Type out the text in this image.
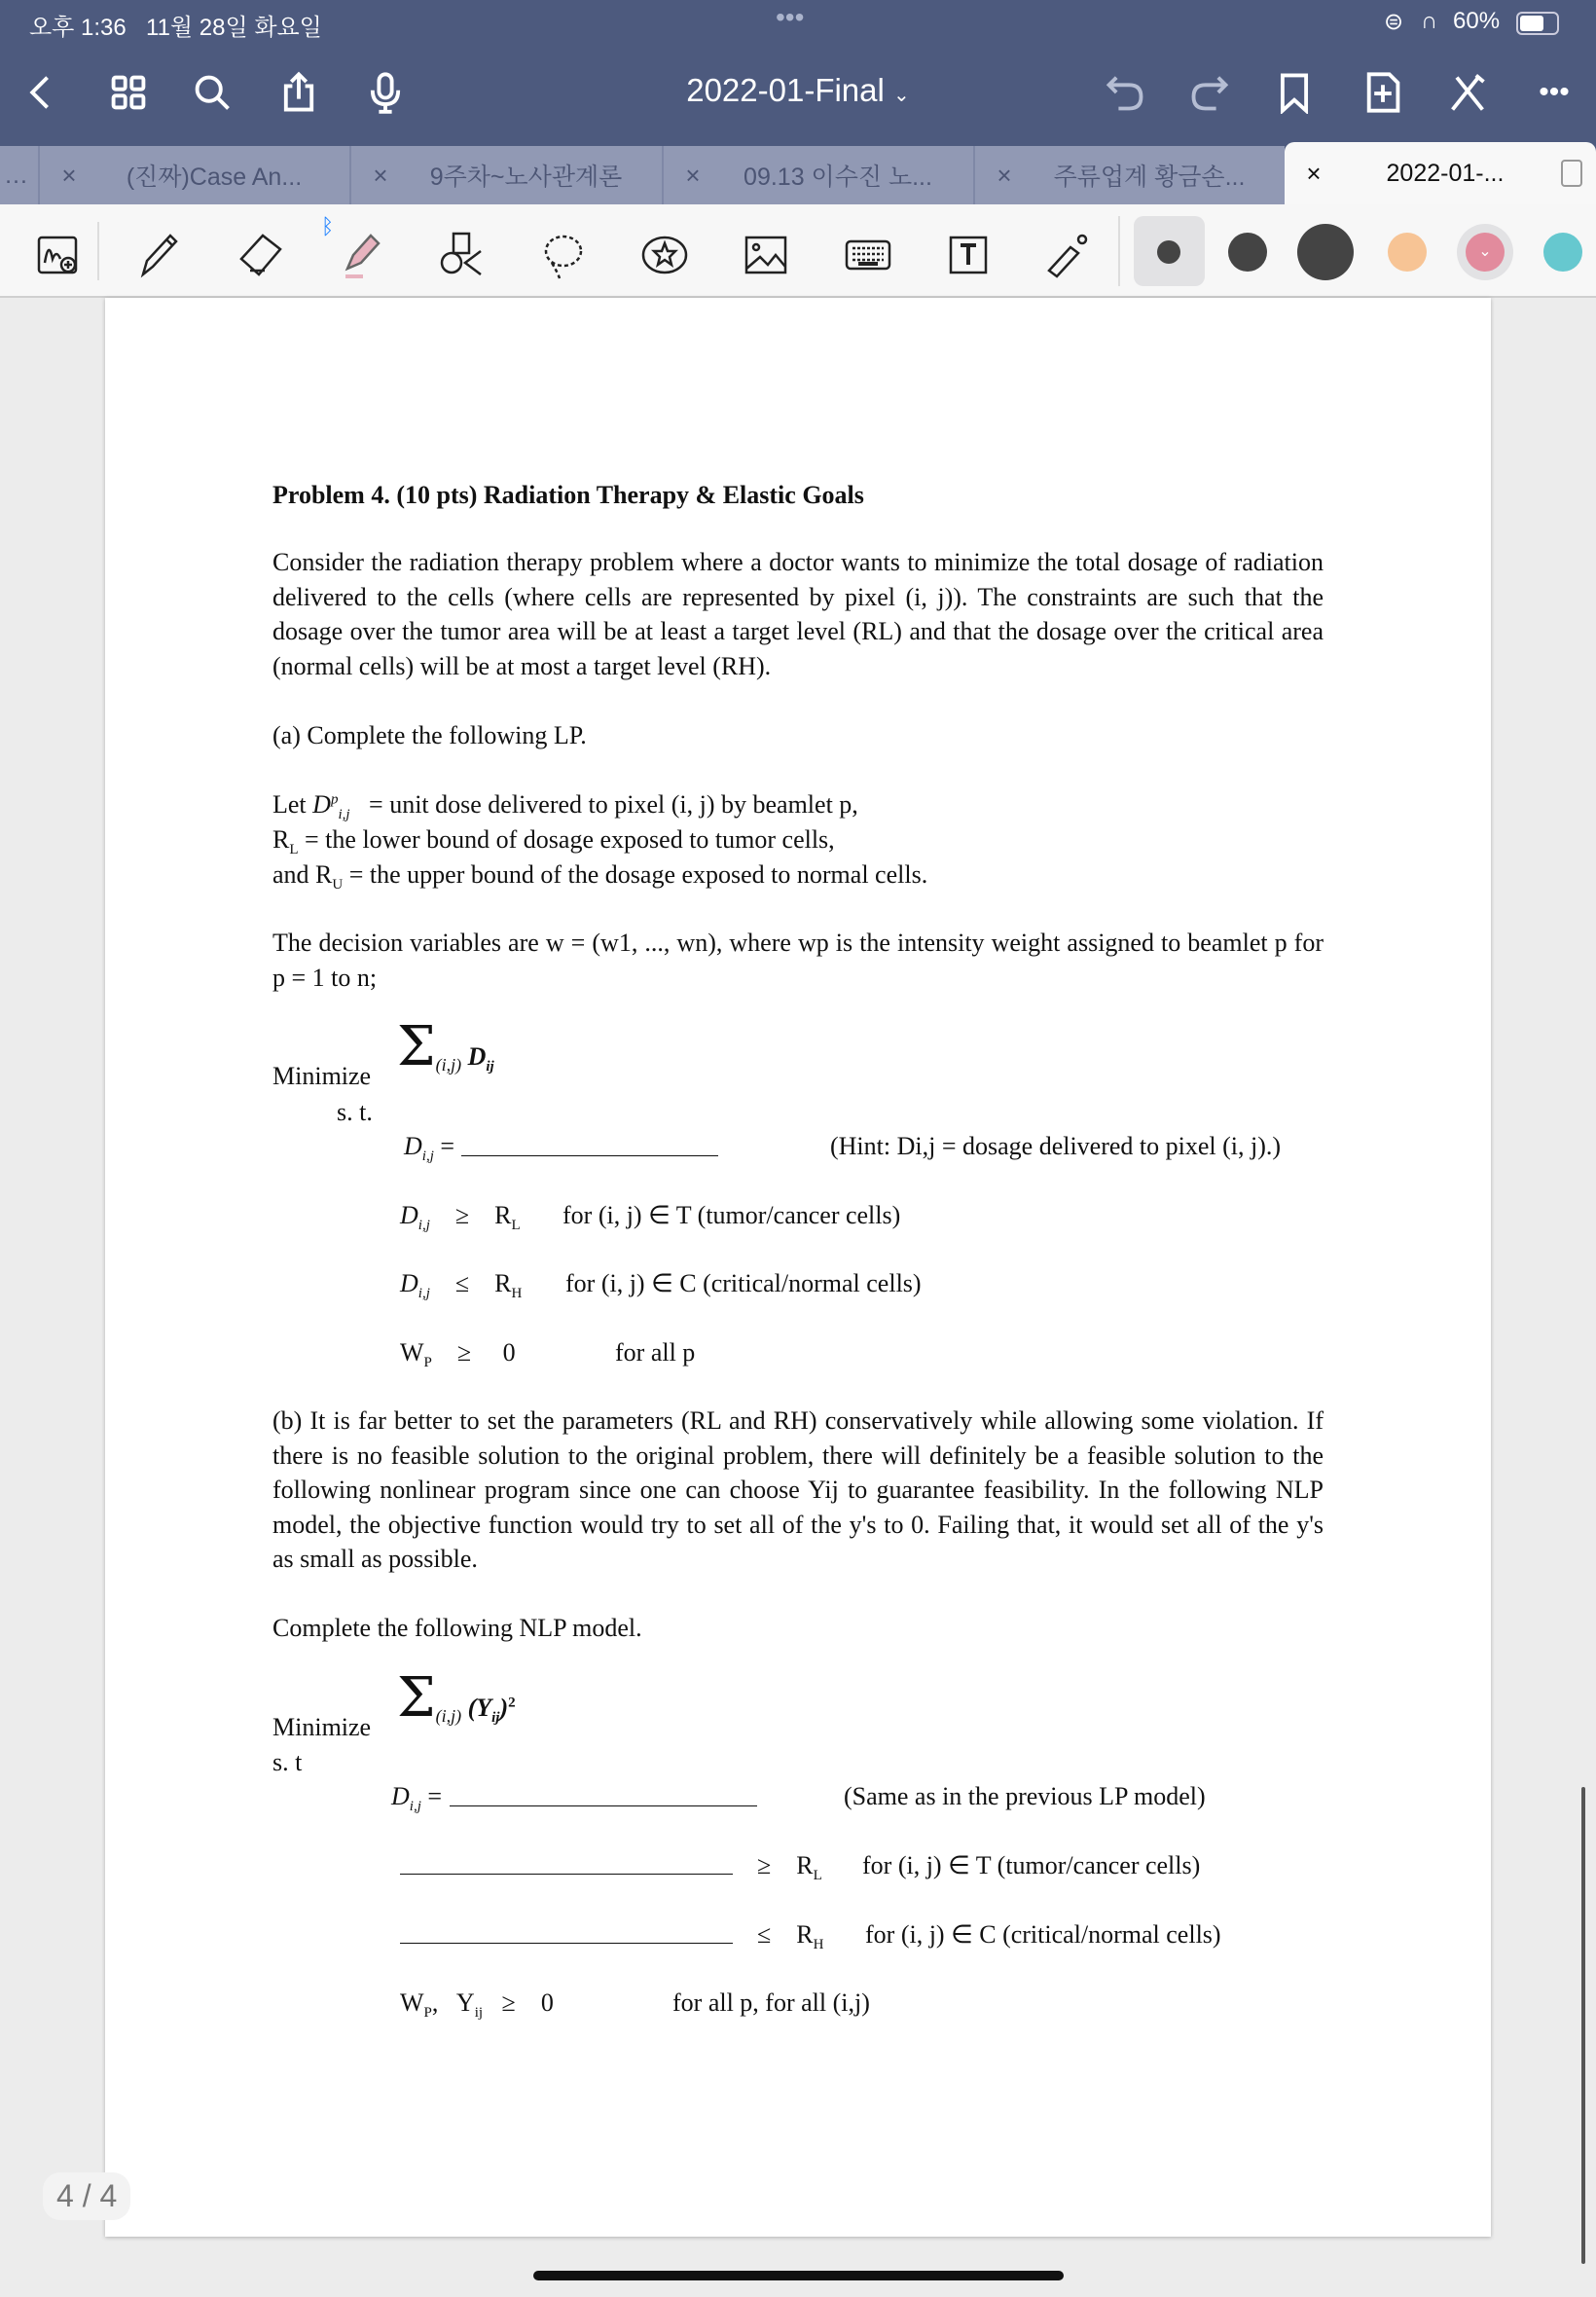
오후 1:36 11월 28일 화요일	•••	⊜ ∩ 60%
2022-01-Final ⌄	•••
…	×	(진짜)Case An...	×	9주차~노사관계론	×	09.13 이수진 노...	×	주류업계 황금손...	×	2022-01-...
ᛒ
⌄
Problem 4. (10 pts) Radiation Therapy & Elastic Goals
Consider the radiation therapy problem where a doctor wants to minimize the total dosage of radiation delivered to the cells (where cells are represented by pixel (i, j)). The constraints are such that the dosage over the tumor area will be at least a target level (RL) and that the dosage over the critical area (normal cells) will be at most a target level (RH).
(a) Complete the following LP.
Let $D^p_{i,j}$ = unit dose delivered to pixel (i, j) by beamlet p,
$R_L$ = the lower bound of dosage exposed to tumor cells,
and $R_U$ = the upper bound of the dosage exposed to normal cells.
The decision variables are w = (w1, ..., wn), where wp is the intensity weight assigned to beamlet p for p = 1 to n;
Minimize $\Sigma_{(i,j)}$ $D_{ij}$
s. t.
$D_{i,j}$ =	(Hint: Di,j = dosage delivered to pixel (i, j).)
$D_{i,j}$    ≥    $R_L$ for (i, j) ∈ T (tumor/cancer cells)
$D_{i,j}$    ≤    $R_H$ for (i, j) ∈ C (critical/normal cells)
$W_P$    ≥     0	for all p
(b) It is far better to set the parameters (RL and RH) conservatively while allowing some violation. If there is no feasible solution to the original problem, there will definitely be a feasible solution to the following nonlinear program since one can choose Yij to guarantee feasibility. In the following NLP model, the objective function would try to set all of the y's to 0. Failing that, it would set all of the y's as small as possible.
Complete the following NLP model.
Minimize $\Sigma_{(i,j)}$ $(Y_{ij})^2$
s. t
$D_{i,j}$ =	(Same as in the previous LP model)
≥    $R_L$ for (i, j) ∈ T (tumor/cancer cells)
≤    $R_H$ for (i, j) ∈ C (critical/normal cells)
$W_P$,   $Y_{ij}$   ≥    0	for all p, for all (i,j)
4 / 4
